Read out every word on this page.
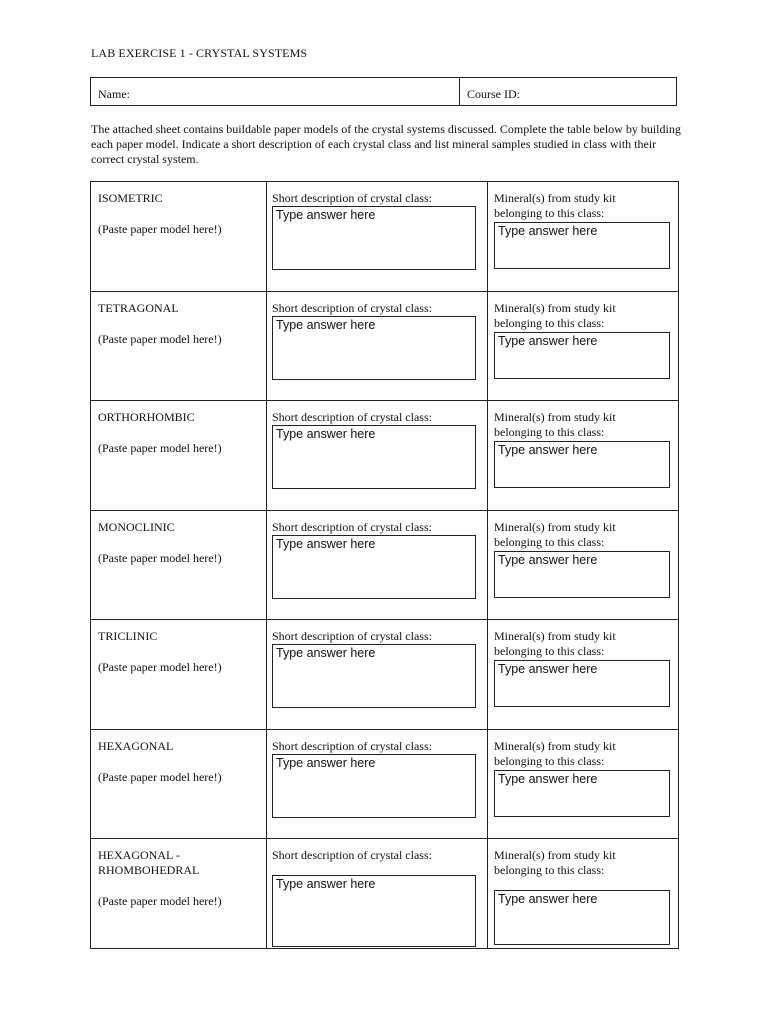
LAB EXERCISE 1 - CRYSTAL SYSTEMS
Name:	Course ID:
The attached sheet contains buildable paper models of the crystal systems discussed. Complete the table below by building each paper model. Indicate a short description of each crystal class and list mineral samples studied in class with their correct crystal system.
ISOMETRIC
(Paste paper model here!)
Short description of crystal class:
Type answer here
Mineral(s) from study kit
belonging to this class:
Type answer here
TETRAGONAL
(Paste paper model here!)
Short description of crystal class:
Type answer here
Mineral(s) from study kit
belonging to this class:
Type answer here
ORTHORHOMBIC
(Paste paper model here!)
Short description of crystal class:
Type answer here
Mineral(s) from study kit
belonging to this class:
Type answer here
MONOCLINIC
(Paste paper model here!)
Short description of crystal class:
Type answer here
Mineral(s) from study kit
belonging to this class:
Type answer here
TRICLINIC
(Paste paper model here!)
Short description of crystal class:
Type answer here
Mineral(s) from study kit
belonging to this class:
Type answer here
HEXAGONAL
(Paste paper model here!)
Short description of crystal class:
Type answer here
Mineral(s) from study kit
belonging to this class:
Type answer here
HEXAGONAL -
RHOMBOHEDRAL
(Paste paper model here!)
Short description of crystal class:
Type answer here
Mineral(s) from study kit
belonging to this class:
Type answer here
